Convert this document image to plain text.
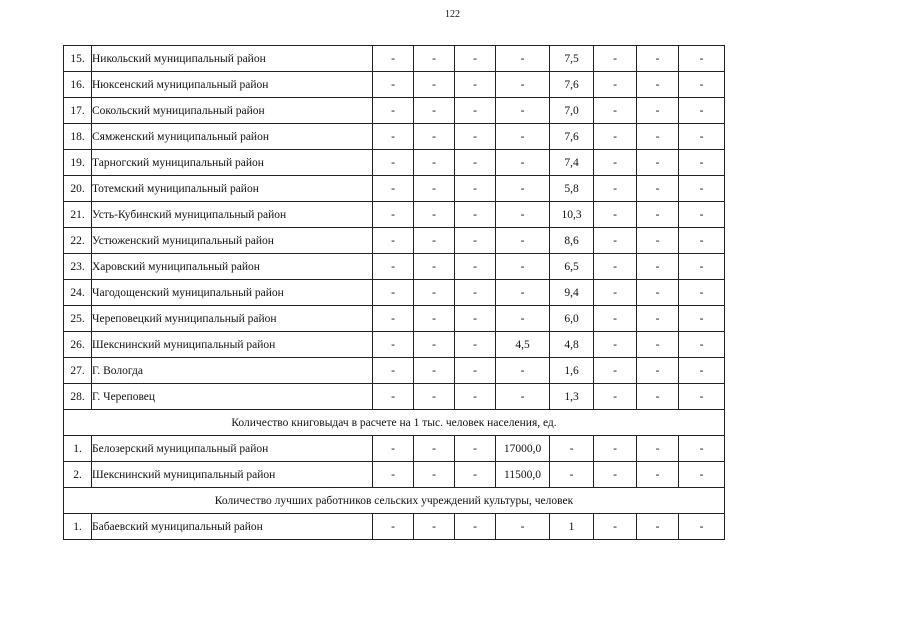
122
15.	Никольский муниципальный район	-	-	-	-	7,5	-	-	-
16.	Нюксенский муниципальный район	-	-	-	-	7,6	-	-	-
17.	Сокольский муниципальный район	-	-	-	-	7,0	-	-	-
18.	Сямженский муниципальный район	-	-	-	-	7,6	-	-	-
19.	Тарногский муниципальный район	-	-	-	-	7,4	-	-	-
20.	Тотемский муниципальный район	-	-	-	-	5,8	-	-	-
21.	Усть-Кубинский муниципальный район	-	-	-	-	10,3	-	-	-
22.	Устюженский муниципальный район	-	-	-	-	8,6	-	-	-
23.	Харовский муниципальный район	-	-	-	-	6,5	-	-	-
24.	Чагодощенский муниципальный район	-	-	-	-	9,4	-	-	-
25.	Череповецкий муниципальный район	-	-	-	-	6,0	-	-	-
26.	Шекснинский муниципальный район	-	-	-	4,5	4,8	-	-	-
27.	Г. Вологда	-	-	-	-	1,6	-	-	-
28.	Г. Череповец	-	-	-	-	1,3	-	-	-
Количество книговыдач в расчете на 1 тыс. человек населения, ед.									
1.	Белозерский муниципальный район	-	-	-	17000,0	-	-	-	-
2.	Шекснинский муниципальный район	-	-	-	11500,0	-	-	-	-
Количество лучших работников сельских учреждений культуры, человек									
1.	Бабаевский муниципальный район	-	-	-	-	1	-	-	-
